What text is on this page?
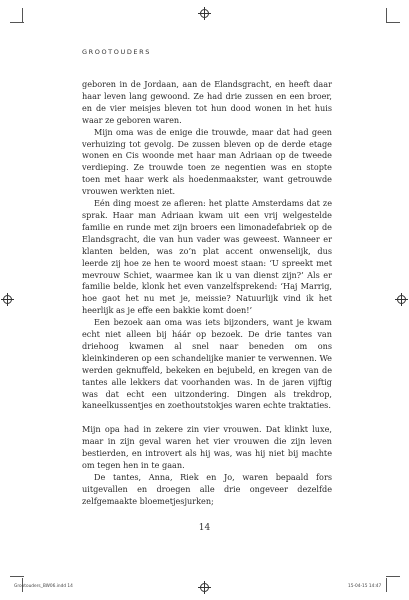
GROOTOUDERS

geboren in de Jordaan, aan de Elandsgracht, en heeft daar haar leven lang gewoond. Ze had drie zussen en een broer, en de vier meisjes bleven tot hun dood wonen in het huis waar ze geboren waren.

Mijn oma was de enige die trouwde, maar dat had geen verhuizing tot gevolg. De zussen bleven op de derde etage wonen en Cis woonde met haar man Adriaan op de tweede verdieping. Ze trouwde toen ze negentien was en stopte toen met haar werk als hoedenmaakster, want getrouwde vrouwen werkten niet.

Eén ding moest ze afleren: het platte Amsterdams dat ze sprak. Haar man Adriaan kwam uit een vrij welgestelde familie en runde met zijn broers een limonadefabriek op de Elandsgracht, die van hun vader was geweest. Wanneer er klanten belden, was zo’n plat accent onwenselijk, dus leerde zij hoe ze hen te woord moest staan: ‘U spreekt met mevrouw Schiet, waarmee kan ik u van dienst zijn?’ Als er familie belde, klonk het even vanzelfsprekend: ‘Haj Marrig, hoe gaot het nu met je, meissie? Natuurlijk vind ik het heerlijk as je effe een bakkie komt doen!’

Een bezoek aan oma was iets bijzonders, want je kwam echt niet alleen bij háár op bezoek. De drie tantes van driehoog kwamen al snel naar beneden om ons kleinkinderen op een schandelijke manier te verwennen. We werden geknuffeld, bekeken en bejubeld, en kregen van de tantes alle lekkers dat voorhanden was. In de jaren vijftig was dat echt een uitzondering. Dingen als trekdrop, kaneelkussentjes en zoethoutstokjes waren echte traktaties.

Mijn opa had in zekere zin vier vrouwen. Dat klinkt luxe, maar in zijn geval waren het vier vrouwen die zijn leven bestierden, en introvert als hij was, was hij niet bij machte om tegen hen in te gaan.

De tantes, Anna, Riek en Jo, waren bepaald fors uitgevallen en droegen alle drie ongeveer dezelfde zelfgemaakte bloemetjesjurken;

14
Grootouders_BW06.indd 14	15-04-15 14:47
